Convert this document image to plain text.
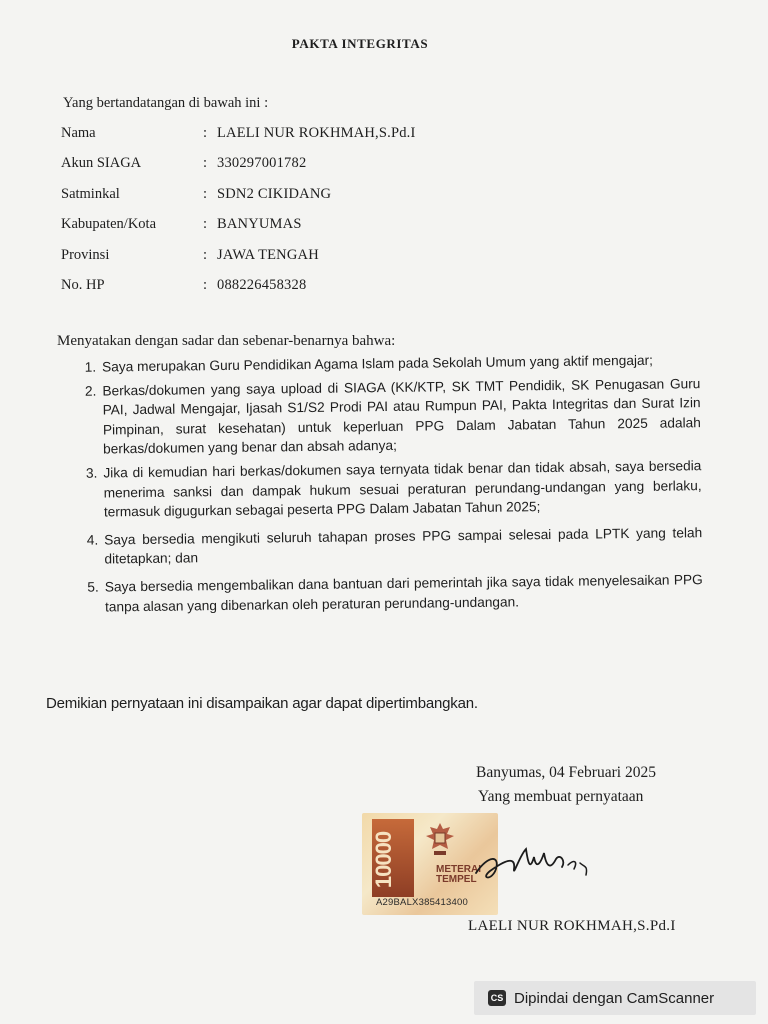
PAKTA INTEGRITAS
Yang bertandatangan di bawah ini :
Nama	: LAELI NUR ROKHMAH,S.Pd.I
Akun SIAGA	: 330297001782
Satminkal	: SDN2 CIKIDANG
Kabupaten/Kota	: BANYUMAS
Provinsi	: JAWA TENGAH
No. HP	: 088226458328
Menyatakan dengan sadar dan sebenar-benarnya bahwa:
1. Saya merupakan Guru Pendidikan Agama Islam pada Sekolah Umum yang aktif mengajar;
2. Berkas/dokumen yang saya upload di SIAGA (KK/KTP, SK TMT Pendidik, SK Penugasan Guru PAI, Jadwal Mengajar, Ijasah S1/S2 Prodi PAI atau Rumpun PAI, Pakta Integritas dan Surat Izin Pimpinan, surat kesehatan) untuk keperluan PPG Dalam Jabatan Tahun 2025 adalah berkas/dokumen yang benar dan absah adanya;
3. Jika di kemudian hari berkas/dokumen saya ternyata tidak benar dan tidak absah, saya bersedia menerima sanksi dan dampak hukum sesuai peraturan perundang-undangan yang berlaku, termasuk digugurkan sebagai peserta PPG Dalam Jabatan Tahun 2025;
4. Saya bersedia mengikuti seluruh tahapan proses PPG sampai selesai pada LPTK yang telah ditetapkan; dan
5. Saya bersedia mengembalikan dana bantuan dari pemerintah jika saya tidak menyelesaikan PPG tanpa alasan yang dibenarkan oleh peraturan perundang-undangan.
Demikian pernyataan ini disampaikan agar dapat dipertimbangkan.
Banyumas, 04 Februari 2025
Yang membuat pernyataan
10000	METERAI
TEMPEL
A29BALX385413400
LAELI NUR ROKHMAH,S.Pd.I
CS Dipindai dengan CamScanner
